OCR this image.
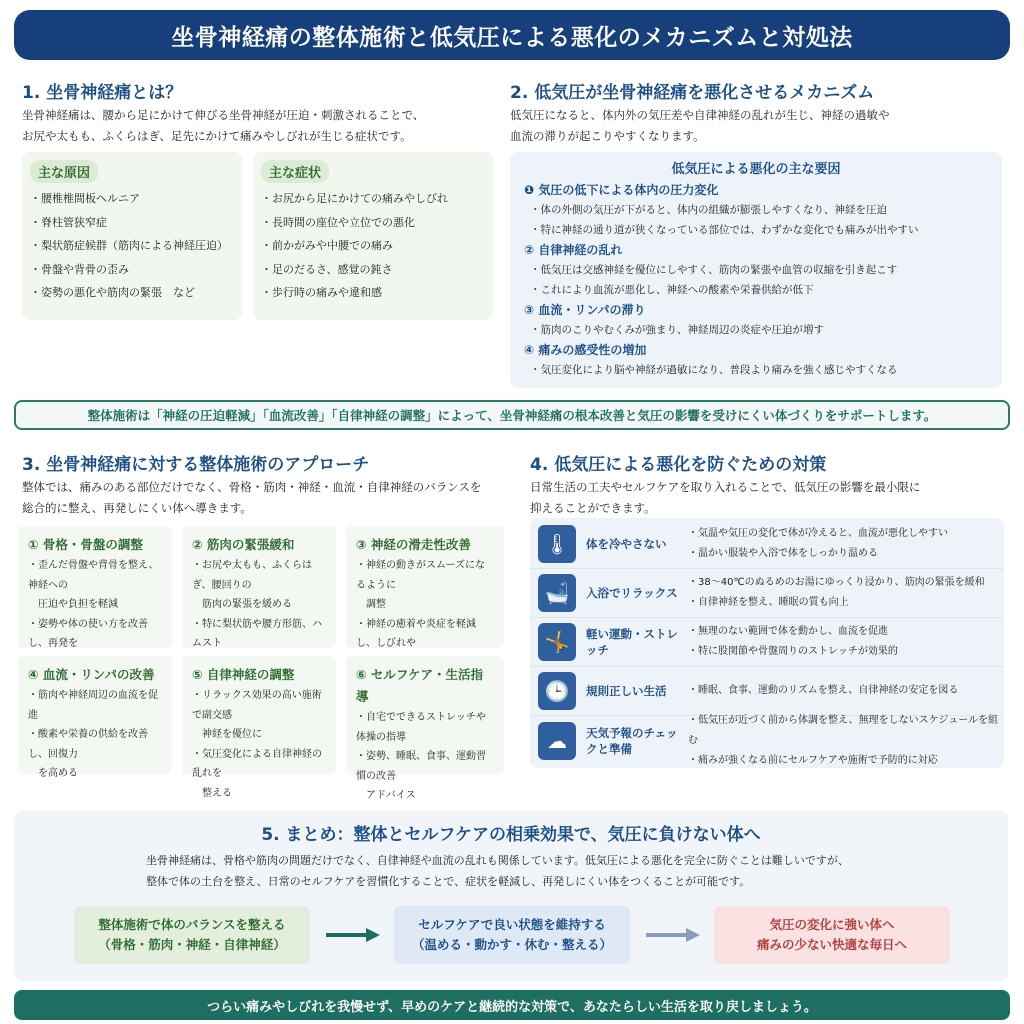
坐骨神経痛の整体施術と低気圧による悪化のメカニズムと対処法
1. 坐骨神経痛とは？
坐骨神経痛は、腰から足にかけて伸びる坐骨神経が圧迫・刺激されることで、
お尻や太もも、ふくらはぎ、足先にかけて痛みやしびれが生じる症状です。
主な原因
・腰椎椎間板ヘルニア
・脊柱管狭窄症
・梨状筋症候群（筋肉による神経圧迫）
・骨盤や背骨の歪み
・姿勢の悪化や筋肉の緊張　など
主な症状
・お尻から足にかけての痛みやしびれ
・長時間の座位や立位での悪化
・前かがみや中腰での痛み
・足のだるさ、感覚の鈍さ
・歩行時の痛みや違和感
2. 低気圧が坐骨神経痛を悪化させるメカニズム
低気圧になると、体内外の気圧差や自律神経の乱れが生じ、神経の過敏や
血流の滞りが起こりやすくなります。
低気圧による悪化の主な要因
❶ 気圧の低下による体内の圧力変化
・体の外側の気圧が下がると、体内の組織が膨張しやすくなり、神経を圧迫
・特に神経の通り道が狭くなっている部位では、わずかな変化でも痛みが出やすい
② 自律神経の乱れ
・低気圧は交感神経を優位にしやすく、筋肉の緊張や血管の収縮を引き起こす
・これにより血流が悪化し、神経への酸素や栄養供給が低下
③ 血流・リンパの滞り
・筋肉のこりやむくみが強まり、神経周辺の炎症や圧迫が増す
④ 痛みの感受性の増加
・気圧変化により脳や神経が過敏になり、普段より痛みを強く感じやすくなる
整体施術は「神経の圧迫軽減」「血流改善」「自律神経の調整」によって、坐骨神経痛の根本改善と気圧の影響を受けにくい体づくりをサポートします。
3. 坐骨神経痛に対する整体施術のアプローチ
整体では、痛みのある部位だけでなく、骨格・筋肉・神経・血流・自律神経のバランスを
総合的に整え、再発しにくい体へ導きます。
① 骨格・骨盤の調整
・歪んだ骨盤や背骨を整え、神経への
　圧迫や負担を軽減
・姿勢や体の使い方を改善し、再発を
② 筋肉の緊張緩和
・お尻や太もも、ふくらはぎ、腰回りの
　筋肉の緊張を緩める
・特に梨状筋や腰方形筋、ハムスト
③ 神経の滑走性改善
・神経の動きがスムーズになるように
　調整
・神経の癒着や炎症を軽減し、しびれや
④ 血流・リンパの改善
・筋肉や神経周辺の血流を促進
・酸素や栄養の供給を改善し、回復力
　を高める
⑤ 自律神経の調整
・リラックス効果の高い施術で副交感
　神経を優位に
・気圧変化による自律神経の乱れを
　整える
⑥ セルフケア・生活指導
・自宅でできるストレッチや体操の指導
・姿勢、睡眠、食事、運動習慣の改善
　アドバイス
4. 低気圧による悪化を防ぐための対策
日常生活の工夫やセルフケアを取り入れることで、低気圧の影響を最小限に
抑えることができます。
🌡	体を冷やさない
・気温や気圧の変化で体が冷えると、血流が悪化しやすい
・温かい服装や入浴で体をしっかり温める
🛁	入浴でリラックス
・38〜40℃のぬるめのお湯にゆっくり浸かり、筋肉の緊張を緩和
・自律神経を整え、睡眠の質も向上
🤸	軽い運動・ストレッチ
・無理のない範囲で体を動かし、血流を促進
・特に股関節や骨盤周りのストレッチが効果的
🕒	規則正しい生活	・睡眠、食事、運動のリズムを整え、自律神経の安定を図る
☁	天気予報のチェックと準備
・低気圧が近づく前から体調を整え、無理をしないスケジュールを組む
・痛みが強くなる前にセルフケアや施術で予防的に対応
5. まとめ：整体とセルフケアの相乗効果で、気圧に負けない体へ
坐骨神経痛は、骨格や筋肉の問題だけでなく、自律神経や血流の乱れも関係しています。低気圧による悪化を完全に防ぐことは難しいですが、
整体で体の土台を整え、日常のセルフケアを習慣化することで、症状を軽減し、再発しにくい体をつくることが可能です。
整体施術で体のバランスを整える
（骨格・筋肉・神経・自律神経）
セルフケアで良い状態を維持する
（温める・動かす・休む・整える）
気圧の変化に強い体へ
痛みの少ない快適な毎日へ
つらい痛みやしびれを我慢せず、早めのケアと継続的な対策で、あなたらしい生活を取り戻しましょう。
